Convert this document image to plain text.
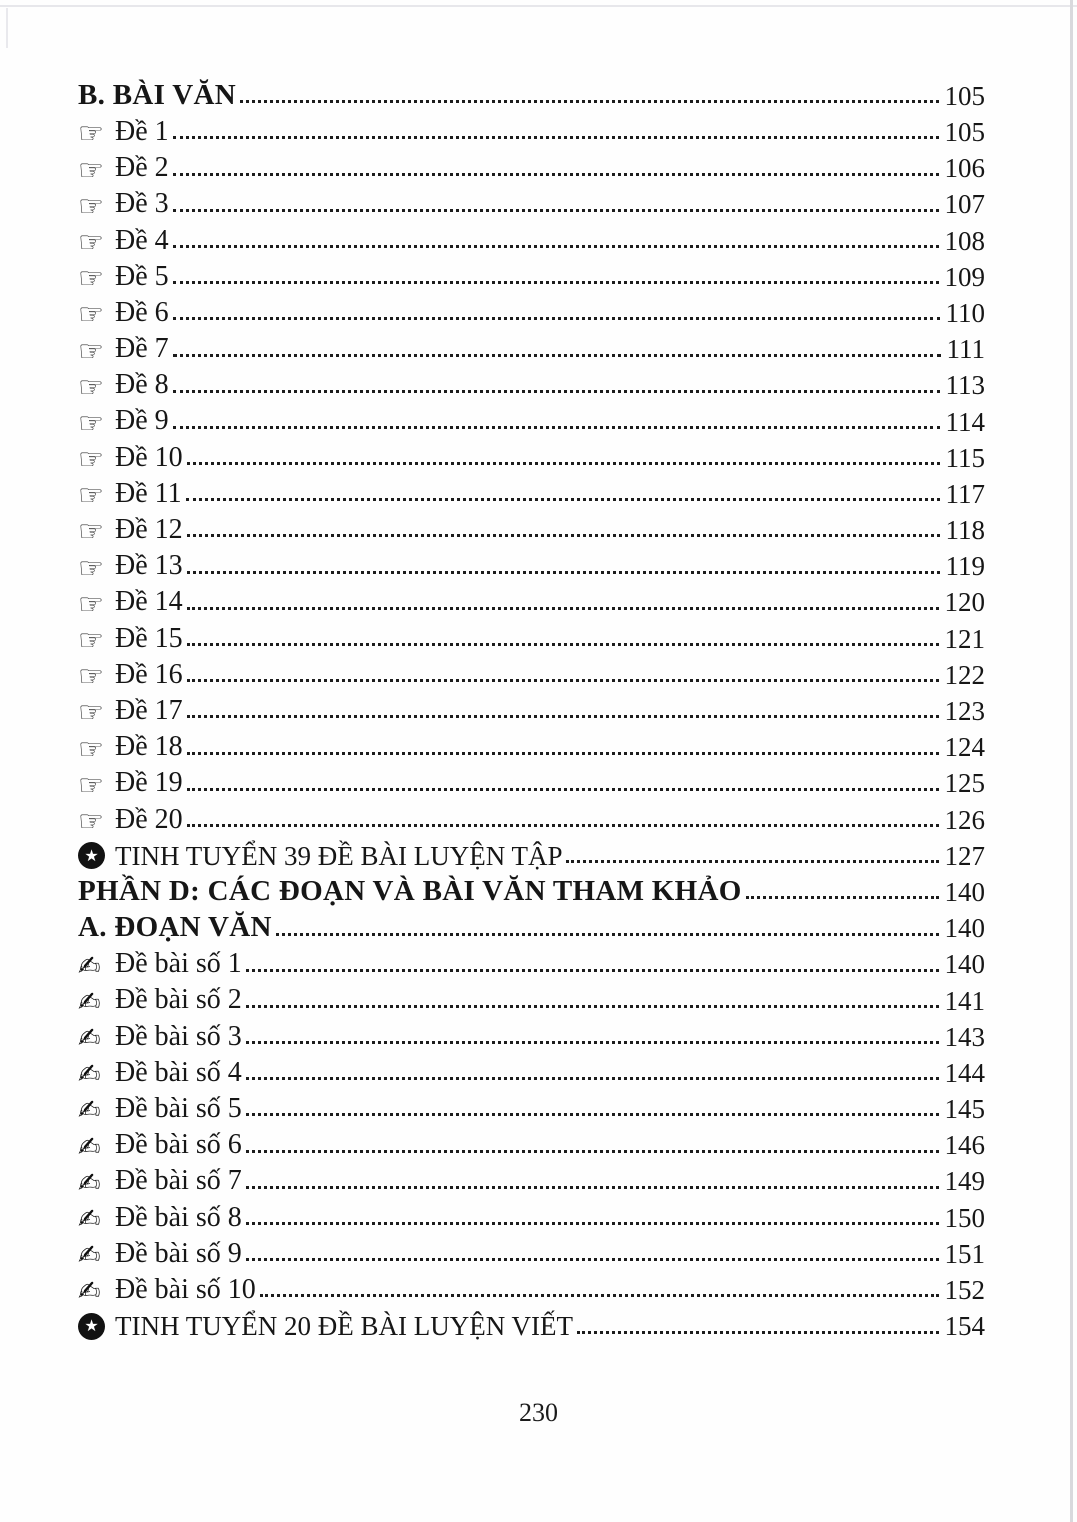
B. BÀI VĂN	105
☞ Đề 1	105
☞ Đề 2	106
☞ Đề 3	107
☞ Đề 4	108
☞ Đề 5	109
☞ Đề 6	110
☞ Đề 7	111
☞ Đề 8	113
☞ Đề 9	114
☞ Đề 10	115
☞ Đề 11	117
☞ Đề 12	118
☞ Đề 13	119
☞ Đề 14	120
☞ Đề 15	121
☞ Đề 16	122
☞ Đề 17	123
☞ Đề 18	124
☞ Đề 19	125
☞ Đề 20	126
★ TINH TUYỂN 39 ĐỀ BÀI LUYỆN TẬP	127
PHẦN D: CÁC ĐOẠN VÀ BÀI VĂN THAM KHẢO	140
A. ĐOẠN VĂN	140
✍ Đề bài số 1	140
✍ Đề bài số 2	141
✍ Đề bài số 3	143
✍ Đề bài số 4	144
✍ Đề bài số 5	145
✍ Đề bài số 6	146
✍ Đề bài số 7	149
✍ Đề bài số 8	150
✍ Đề bài số 9	151
✍ Đề bài số 10	152
★ TINH TUYỂN 20 ĐỀ BÀI LUYỆN VIẾT	154
230
